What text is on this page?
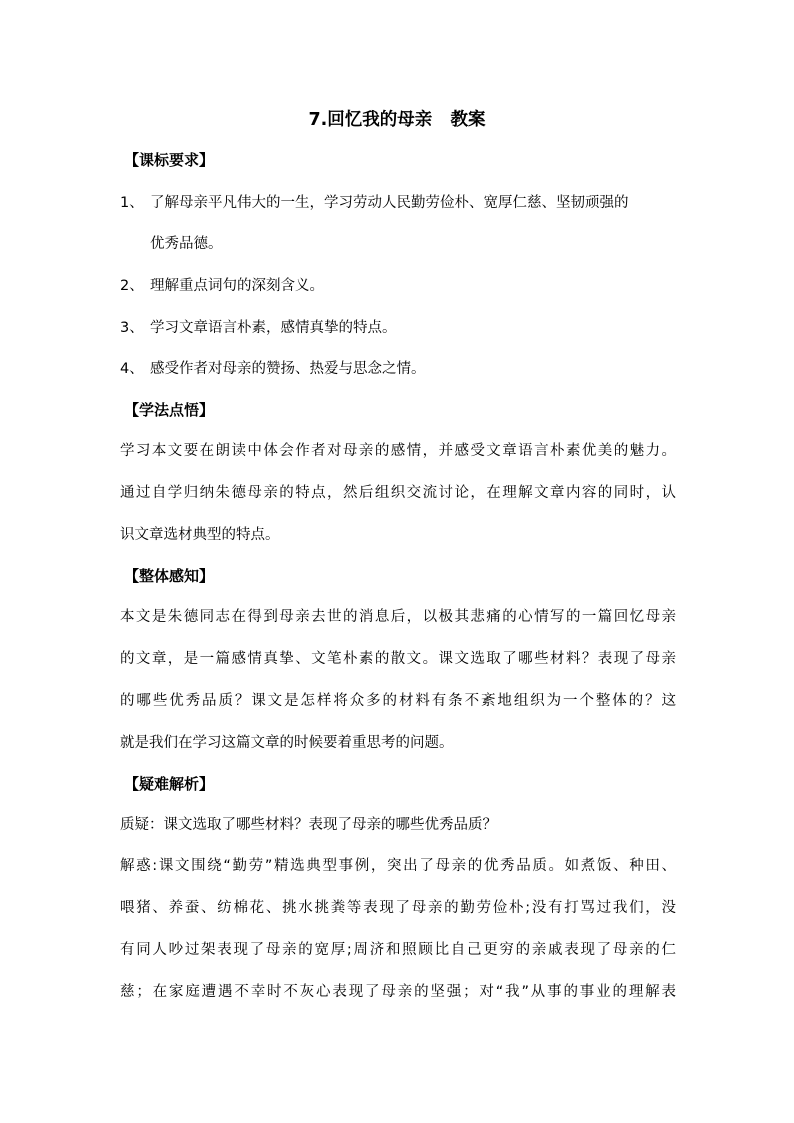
7.回忆我的母亲   教案
【课标要求】
1、 了解母亲平凡伟大的一生，学习劳动人民勤劳俭朴、宽厚仁慈、坚韧顽强的
优秀品德。
2、 理解重点词句的深刻含义。
3、 学习文章语言朴素，感情真挚的特点。
4、 感受作者对母亲的赞扬、热爱与思念之情。
【学法点悟】
学习本文要在朗读中体会作者对母亲的感情，并感受文章语言朴素优美的魅力。
通过自学归纳朱德母亲的特点，然后组织交流讨论，在理解文章内容的同时，认
识文章选材典型的特点。
【整体感知】
本文是朱德同志在得到母亲去世的消息后，以极其悲痛的心情写的一篇回忆母亲
的文章，是一篇感情真挚、文笔朴素的散文。课文选取了哪些材料？表现了母亲
的哪些优秀品质？课文是怎样将众多的材料有条不紊地组织为一个整体的？这
就是我们在学习这篇文章的时候要着重思考的问题。
【疑难解析】
质疑：课文选取了哪些材料？表现了母亲的哪些优秀品质？
解惑:课文围绕“勤劳”精选典型事例，突出了母亲的优秀品质。如煮饭、种田、
喂猪、养蚕、纺棉花、挑水挑粪等表现了母亲的勤劳俭朴;没有打骂过我们，没
有同人吵过架表现了母亲的宽厚;周济和照顾比自己更穷的亲戚表现了母亲的仁
慈；在家庭遭遇不幸时不灰心表现了母亲的坚强；对“我”从事的事业的理解表
